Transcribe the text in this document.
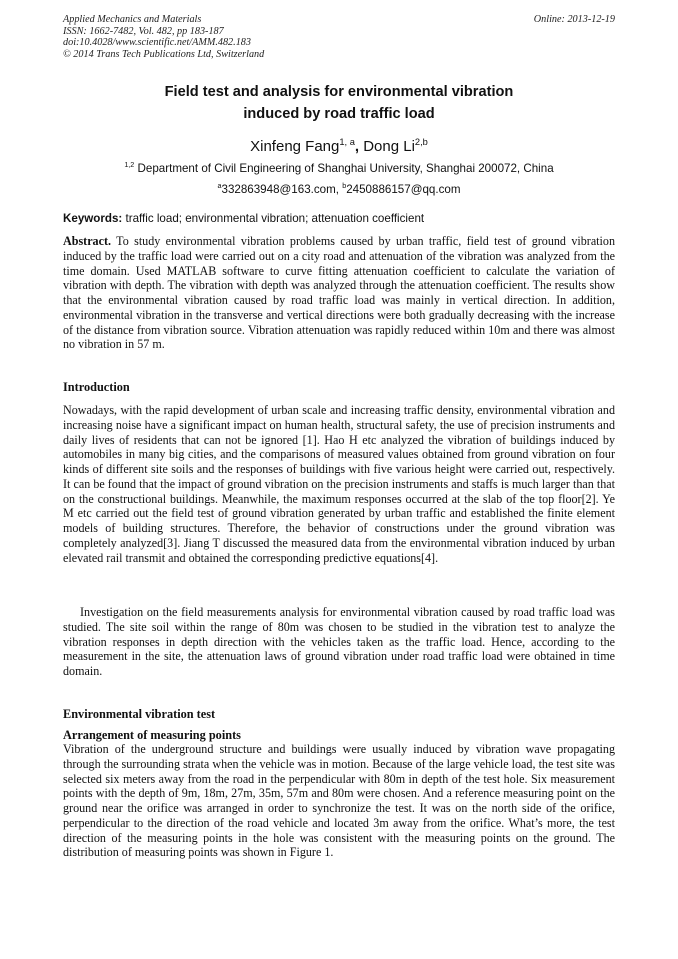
Applied Mechanics and Materials
ISSN: 1662-7482, Vol. 482, pp 183-187
doi:10.4028/www.scientific.net/AMM.482.183
© 2014 Trans Tech Publications Ltd, Switzerland
Online: 2013-12-19
Field test and analysis for environmental vibration
induced by road traffic load
Xinfeng Fang$^{1, a}$, Dong Li$^{2,b}$
$^{1,2}$ Department of Civil Engineering of Shanghai University, Shanghai 200072, China
$^a$332863948@163.com, $^b$2450886157@qq.com
Keywords: traffic load; environmental vibration; attenuation coefficient

Abstract. To study environmental vibration problems caused by urban traffic, field test of ground vibration induced by the traffic load were carried out on a city road and attenuation of the vibration was analyzed from the time domain. Used MATLAB software to curve fitting attenuation coefficient to calculate the variation of vibration with depth. The vibration with depth was analyzed through the attenuation coefficient. The results show that the environmental vibration caused by road traffic load was mainly in vertical direction. In addition, environmental vibration in the transverse and vertical directions were both gradually decreasing with the increase of the distance from vibration source. Vibration attenuation was rapidly reduced within 10m and there was almost no vibration in 57 m.

Introduction

Nowadays, with the rapid development of urban scale and increasing traffic density, environmental vibration and increasing noise have a significant impact on human health, structural safety, the use of precision instruments and daily lives of residents that can not be ignored [1]. Hao H etc analyzed the vibration of buildings induced by automobiles in many big cities, and the comparisons of measured values obtained from ground vibration on four kinds of different site soils and the responses of buildings with five various height were carried out, respectively. It can be found that the impact of ground vibration on the precision instruments and staffs is much larger than that on the constructional buildings. Meanwhile, the maximum responses occurred at the slab of the top floor[2]. Ye M etc carried out the field test of ground vibration generated by urban traffic and established the finite element models of building structures. Therefore, the behavior of constructions under the ground vibration was completely analyzed[3]. Jiang T discussed the measured data from the environmental vibration induced by urban elevated rail transmit and obtained the corresponding predictive equations[4].

Investigation on the field measurements analysis for environmental vibration caused by road traffic load was studied. The site soil within the range of 80m was chosen to be studied in the vibration test to analyze the vibration responses in depth direction with the vehicles taken as the traffic load. Hence, according to the measurement in the site, the attenuation laws of ground vibration under road traffic load were obtained in time domain.

Environmental vibration test
Arrangement of measuring points

Vibration of the underground structure and buildings were usually induced by vibration wave propagating through the surrounding strata when the vehicle was in motion. Because of the large vehicle load, the test site was selected six meters away from the road in the perpendicular with 80m in depth of the test hole. Six measurement points with the depth of 9m, 18m, 27m, 35m, 57m and 80m were chosen. And a reference measuring point on the ground near the orifice was arranged in order to synchronize the test. It was on the north side of the orifice, perpendicular to the direction of the road vehicle and located 3m away from the orifice. What’s more, the test direction of the measuring points in the hole was consistent with the measuring points on the ground. The distribution of measuring points was shown in Figure 1.
